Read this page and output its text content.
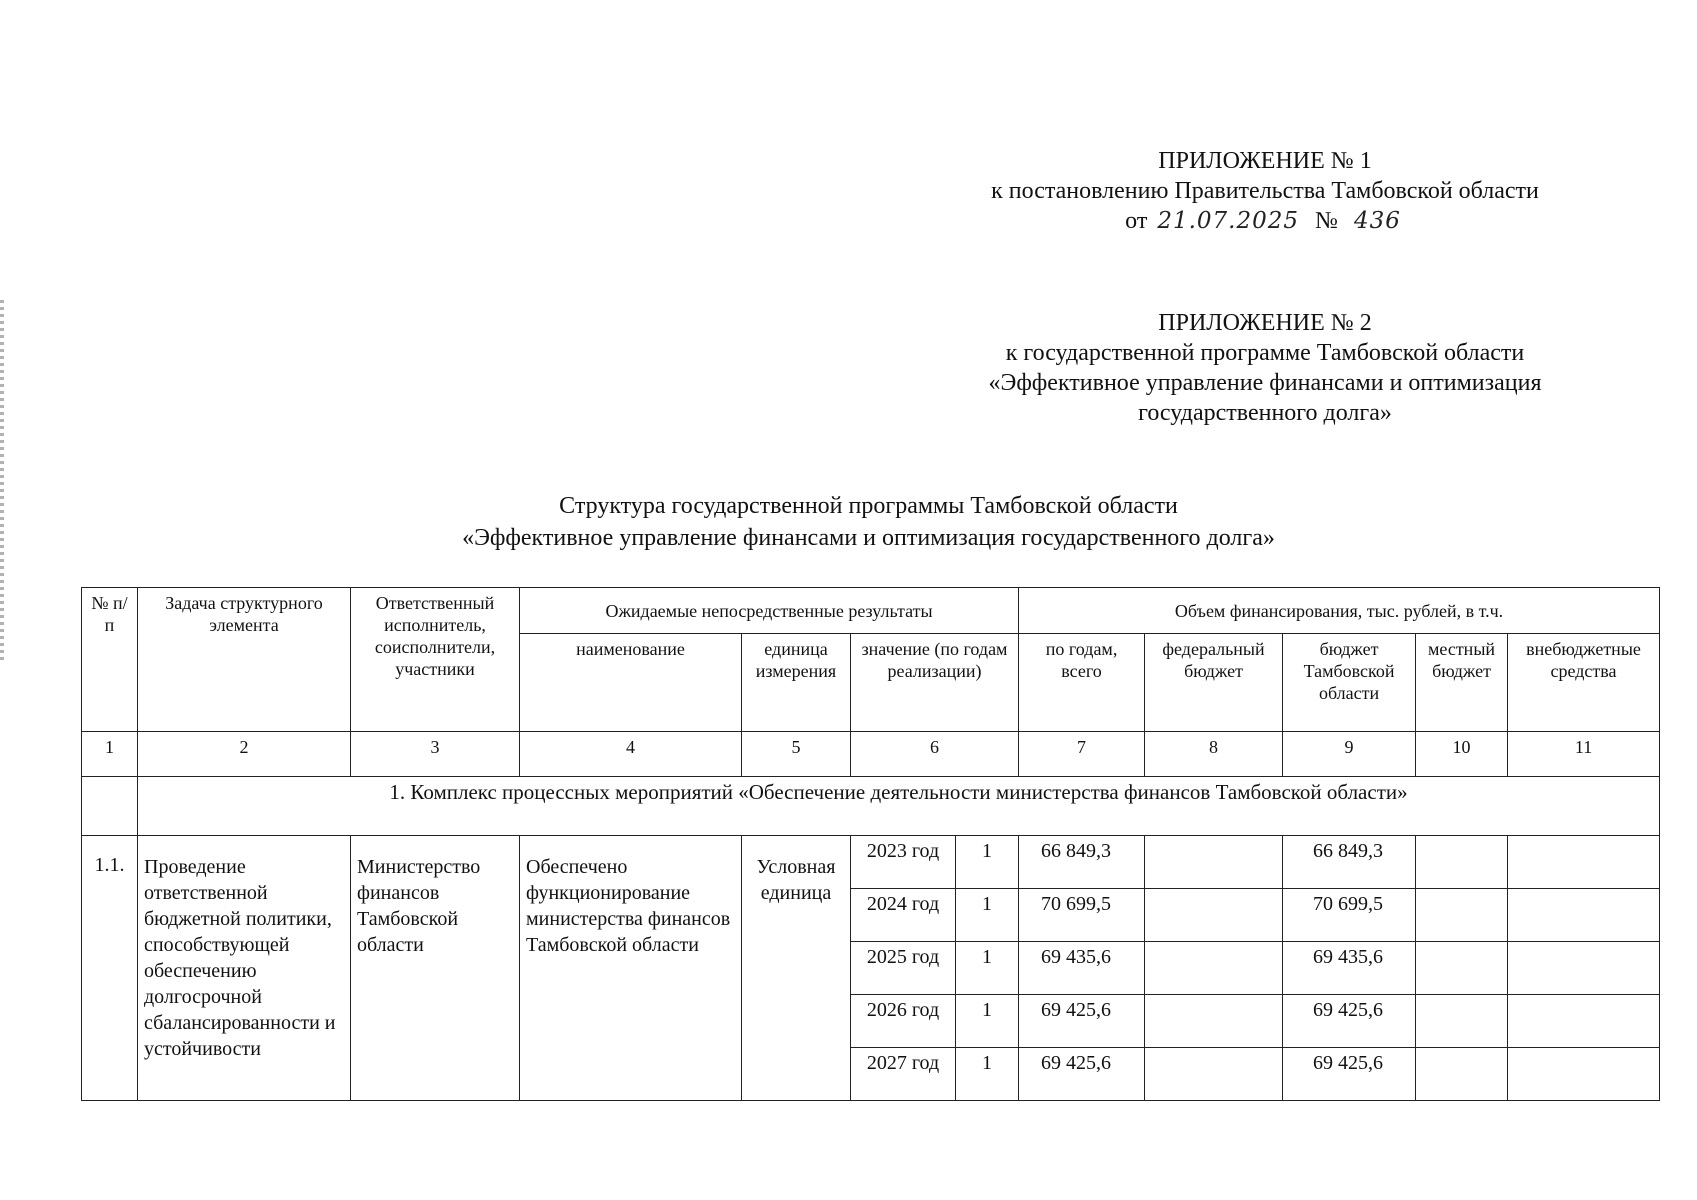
ПРИЛОЖЕНИЕ № 1
к постановлению Правительства Тамбовской области
от 21.07.2025 № 436
ПРИЛОЖЕНИЕ № 2
к государственной программе Тамбовской области
«Эффективное управление финансами и оптимизация
государственного долга»
Структура государственной программы Тамбовской области
«Эффективное управление финансами и оптимизация государственного долга»
№ п/п	Задача структурного элемента	Ответственный исполнитель, соисполнители, участники	Ожидаемые непосредственные результаты				Объем финансирования, тыс. рублей, в т.ч.				
			наименование	единица измерения	значение (по годам реализации)		по годам, всего	федеральный бюджет	бюджет Тамбовской области	местный бюджет	внебюджетные средства
1	2	3	4	5	6		7	8	9	10	11
	1. Комплекс процессных мероприятий «Обеспечение деятельности министерства финансов Тамбовской области»										
1.1.	Проведение ответственной бюджетной политики, способствующей обеспечению долгосрочной сбалансированности и устойчивости	Министерство финансов Тамбовской области	Обеспечено функционирование министерства финансов Тамбовской области	Условная единица	2023 год	1	66 849,3		66 849,3		
					2024 год	1	70 699,5		70 699,5		
					2025 год	1	69 435,6		69 435,6		
					2026 год	1	69 425,6		69 425,6		
					2027 год	1	69 425,6		69 425,6		
